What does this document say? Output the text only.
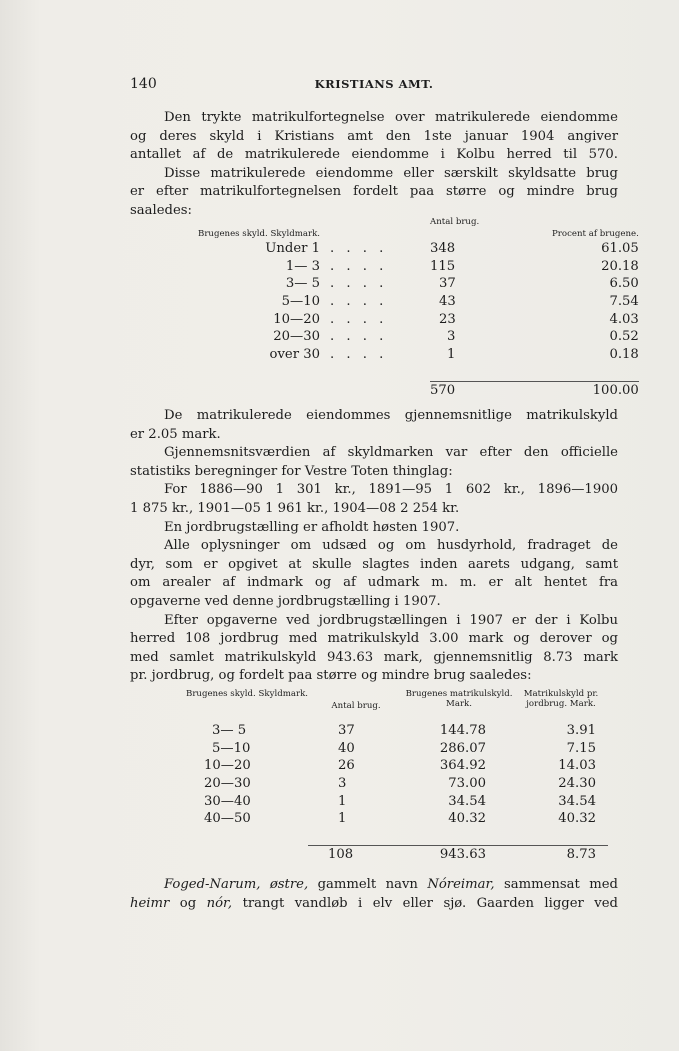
140	KRISTIANS AMT.
Den trykte matrikulfortegnelse over matrikulerede eiendomme
og deres skyld i Kristians amt den 1ste januar 1904 angiver
antallet af de matrikulerede eiendomme i Kolbu herred til 570.
Disse matrikulerede eiendomme eller særskilt skyldsatte brug
er efter matrikulfortegnelsen fordelt paa større og mindre brug
saaledes:
Brugenes skyld. Skyldmark.		Antal brug.	Procent af brugene.
Under 1	. . . .	348	61.05
1— 3	. . . .	115	20.18
3— 5	. . . .	37	6.50
5—10	. . . .	43	7.54
10—20	. . . .	23	4.03
20—30	. . . .	3	0.52
over 30	. . . .	1	0.18

		570	100.00
De matrikulerede eiendommes gjennemsnitlige matrikulskyld
er 2.05 mark.
Gjennemsnitsværdien af skyldmarken var efter den officielle
statistiks beregninger for Vestre Toten thinglag:
For 1886—90 1 301 kr., 1891—95 1 602 kr., 1896—1900
1 875 kr., 1901—05 1 961 kr., 1904—08 2 254 kr.
En jordbrugstælling er afholdt høsten 1907.
Alle oplysninger om udsæd og om husdyrhold, fradraget de
dyr, som er opgivet at skulle slagtes inden aarets udgang, samt
om arealer af indmark og af udmark m. m. er alt hentet fra
opgaverne ved denne jordbrugstælling i 1907.
Efter opgaverne ved jordbrugstællingen i 1907 er der i Kolbu
herred 108 jordbrug med matrikulskyld 3.00 mark og derover og
med samlet matrikulskyld 943.63 mark, gjennemsnitlig 8.73 mark
pr. jordbrug, og fordelt paa større og mindre brug saaledes:
Brugenes skyld. Skyldmark.	Antal brug.	Brugenes matrikulskyld. Mark.	Matrikulskyld pr. jordbrug. Mark.
3— 5	37	144.78	3.91
5—10	40	286.07	7.15
10—20	26	364.92	14.03
20—30	3	73.00	24.30
30—40	1	34.54	34.54
40—50	1	40.32	40.32

	108	943.63	8.73
Foged-Narum, østre, gammelt navn Nóreimar, sammensat med
heimr og nór, trangt vandløb i elv eller sjø. Gaarden ligger ved
